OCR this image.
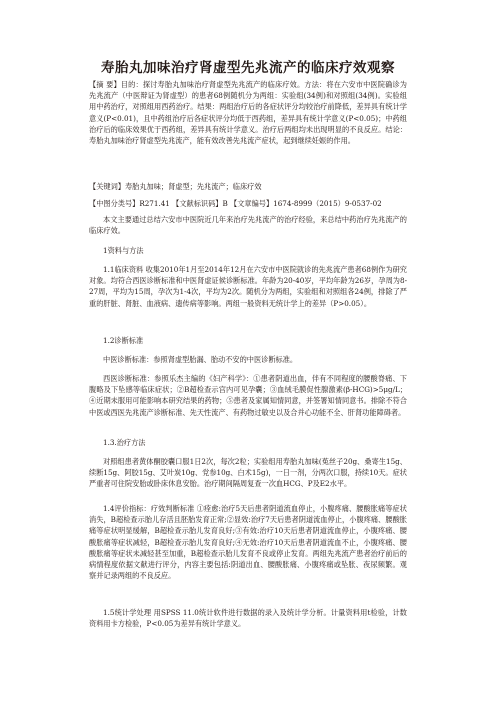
寿胎丸加味治疗肾虚型先兆流产的临床疗效观察

【摘 要】目的：探讨寿胎丸加味治疗肾虚型先兆流产的临床疗效。方法：将在六安市中医院确诊为先兆流产（中医辩证为肾虚型）的患者68例随机分为两组：实验组(34例)和对照组(34例)。实验组用中药治疗，对照组用西药治疗。结果：两组治疗后的各症状评分均较治疗前降低，差异具有统计学意义(P<0.01)，且中药组治疗后各症状评分均低于西药组，差异具有统计学意义(P<0.05)；中药组治疗后的临床效果优于西药组，差异具有统计学意义。治疗后两组均未出现明显的不良反应。结论：寿胎丸加味治疗肾虚型先兆流产，能有效改善先兆流产症状，起到继续妊娠的作用。

【关键词】寿胎丸加味；肾虚型；先兆流产；临床疗效

【中图分类号】R271.41 【文献标识码】B 【文章编号】1674-8999（2015）9-0537-02

本文主要通过总结六安市中医院近几年来治疗先兆流产的治疗经验，来总结中药治疗先兆流产的临床疗效。

1资料与方法

1.1临床资料 收集2010年1月至2014年12月在六安市中医院就诊的先兆流产患者68例作为研究对象。均符合西医诊断标准和中医肾虚证候诊断标准。年龄为20-40岁，平均年龄为26岁，孕周为8-27周，平均为15周，孕次为1-4次，平均为2次。随机分为两组，实验组和对照组各24例，排除了严重的肝脏、肾脏、血液病、遗传病等影响。两组一般资料无统计学上的差异（P>0.05）。

1.2诊断标准

中医诊断标准：参照肾虚型胎漏、胎动不安的中医诊断标准。

西医诊断标准：参照乐杰主编的《妇产科学》：①患者阴道出血，伴有不同程度的腰酸脊痛、下腹略及下坠感等临床症状；②B超检查示宫内可见孕囊；③血绒毛膜促性腺激素(β-HCG)>5μg/L；④近期未服用可能影响本研究结果的药物；⑤患者及家属知情同意，并签署知情同意书。排除不符合中医或西医先兆流产诊断标准、先天性流产、有药物过敏史以及合并心功能不全、肝肾功能障碍者。

1.3.治疗方法

对照组患者黄体酮胶囊口服1日2次，每次2粒；实验组用寿胎丸加味(菟丝子20g、桑寄生15g、续断15g、阿胶15g、艾叶炭10g、党参10g、白术15g)，一日一剂，分两次口服，持续10天。症状严重者可住院安胎或卧床休息安胎。治疗期间隔周复查一次血HCG、P及E2水平。

1.4评价指标：疗效判断标准 ①痊愈:治疗5天后患者阴道流血停止，小腹疼痛、腰酸胀痛等症状消失，B超检查示胎儿存活且胚胎发育正常;②显效:治疗7天后患者阴道流血停止，小腹疼痛、腰酸胀痛等症状明显缓解，B超检查示胎儿发育良好;③有效:治疗10天后患者阴道流血停止，小腹疼痛、腰酸胀痛等症状减轻，B超检查示胎儿发育良好;④无效:治疗10天后患者阴道流血不止，小腹疼痛、腰酸胀痛等症状未减轻甚至加重，B超检查示胎儿发育不良或停止发育。两组先兆流产患者治疗前后的病情程度依据文献进行评分，内容主要包括:阴道出血、腰酸胀痛、小腹疼痛或坠胀、夜尿频繁。观察并记录两组的不良反应。

1.5统计学处理 用SPSS 11.0统计软件进行数据的录入及统计学分析。计量资料用t检验，计数资料用卡方检验，P<0.05为差异有统计学意义。
